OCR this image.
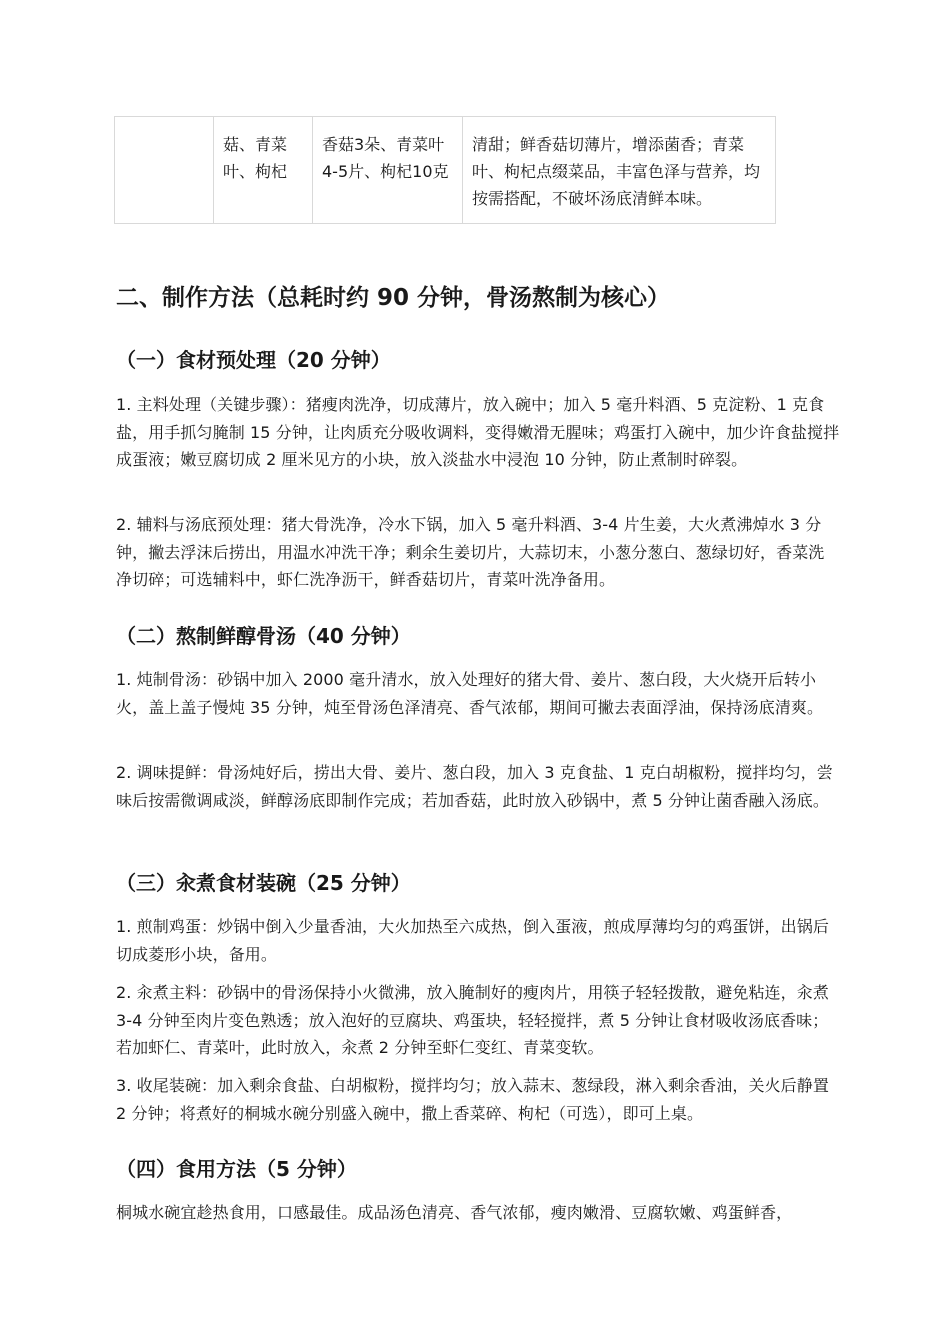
	菇、青菜叶、枸杞	香菇3朵、青菜叶4-5片、枸杞10克	清甜；鲜香菇切薄片，增添菌香；青菜叶、枸杞点缀菜品，丰富色泽与营养，均按需搭配，不破坏汤底清鲜本味。
二、制作方法（总耗时约 90 分钟，骨汤熬制为核心）
（一）食材预处理（20 分钟）

1. 主料处理（关键步骤）：猪瘦肉洗净，切成薄片，放入碗中；加入 5 毫升料酒、5 克淀粉、1 克食盐，用手抓匀腌制 15 分钟，让肉质充分吸收调料，变得嫩滑无腥味；鸡蛋打入碗中，加少许食盐搅拌成蛋液；嫩豆腐切成 2 厘米见方的小块，放入淡盐水中浸泡 10 分钟，防止煮制时碎裂。

2. 辅料与汤底预处理：猪大骨洗净，冷水下锅，加入 5 毫升料酒、3-4 片生姜，大火煮沸焯水 3 分钟，撇去浮沫后捞出，用温水冲洗干净；剩余生姜切片，大蒜切末，小葱分葱白、葱绿切好，香菜洗净切碎；可选辅料中，虾仁洗净沥干，鲜香菇切片，青菜叶洗净备用。

（二）熬制鲜醇骨汤（40 分钟）

1. 炖制骨汤：砂锅中加入 2000 毫升清水，放入处理好的猪大骨、姜片、葱白段，大火烧开后转小火，盖上盖子慢炖 35 分钟，炖至骨汤色泽清亮、香气浓郁，期间可撇去表面浮油，保持汤底清爽。

2. 调味提鲜：骨汤炖好后，捞出大骨、姜片、葱白段，加入 3 克食盐、1 克白胡椒粉，搅拌均匀，尝味后按需微调咸淡，鲜醇汤底即制作完成；若加香菇，此时放入砂锅中，煮 5 分钟让菌香融入汤底。

（三）汆煮食材装碗（25 分钟）

1. 煎制鸡蛋：炒锅中倒入少量香油，大火加热至六成热，倒入蛋液，煎成厚薄均匀的鸡蛋饼，出锅后切成菱形小块，备用。

2. 汆煮主料：砂锅中的骨汤保持小火微沸，放入腌制好的瘦肉片，用筷子轻轻拨散，避免粘连，汆煮 3-4 分钟至肉片变色熟透；放入泡好的豆腐块、鸡蛋块，轻轻搅拌，煮 5 分钟让食材吸收汤底香味；若加虾仁、青菜叶，此时放入，汆煮 2 分钟至虾仁变红、青菜变软。

3. 收尾装碗：加入剩余食盐、白胡椒粉，搅拌均匀；放入蒜末、葱绿段，淋入剩余香油，关火后静置 2 分钟；将煮好的桐城水碗分别盛入碗中，撒上香菜碎、枸杞（可选），即可上桌。

（四）食用方法（5 分钟）

桐城水碗宜趁热食用，口感最佳。成品汤色清亮、香气浓郁，瘦肉嫩滑、豆腐软嫩、鸡蛋鲜香，
